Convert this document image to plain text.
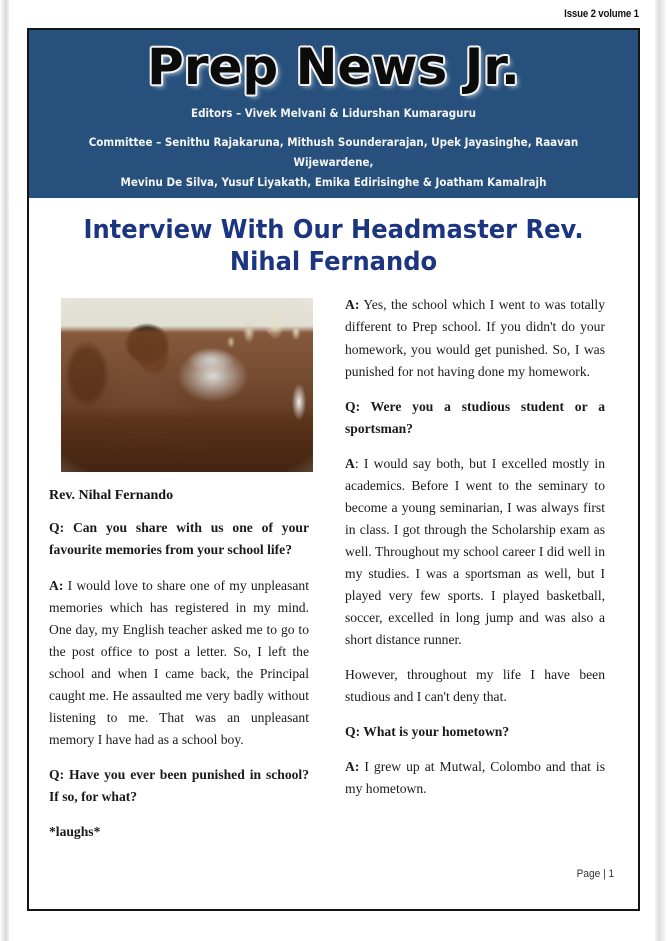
Issue 2 volume 1
Prep News Jr.
Editors – Vivek Melvani & Lidurshan Kumaraguru
Committee – Senithu Rajakaruna, Mithush Sounderarajan, Upek Jayasinghe, Raavan Wijewardene,
Mevinu De Silva, Yusuf Liyakath, Emika Edirisinghe & Joatham Kamalrajh
Interview With Our Headmaster Rev. Nihal Fernando
Rev. Nihal Fernando

Q: Can you share with us one of your favourite memories from your school life?

A: I would love to share one of my unpleasant memories which has registered in my mind. One day, my English teacher asked me to go to the post office to post a letter. So, I left the school and when I came back, the Principal caught me. He assaulted me very badly without listening to me. That was an unpleasant memory I have had as a school boy.

Q: Have you ever been punished in school? If so, for what?

*laughs*

A: Yes, the school which I went to was totally different to Prep school. If you didn't do your homework, you would get punished. So, I was punished for not having done my homework.

Q: Were you a studious student or a sportsman?

A: I would say both, but I excelled mostly in academics. Before I went to the seminary to become a young seminarian, I was always first in class. I got through the Scholarship exam as well. Throughout my school career I did well in my studies. I was a sportsman as well, but I played very few sports. I played basketball, soccer, excelled in long jump and was also a short distance runner.

However, throughout my life I have been studious and I can't deny that.

Q: What is your hometown?

A: I grew up at Mutwal, Colombo and that is my hometown.

Page | 1
